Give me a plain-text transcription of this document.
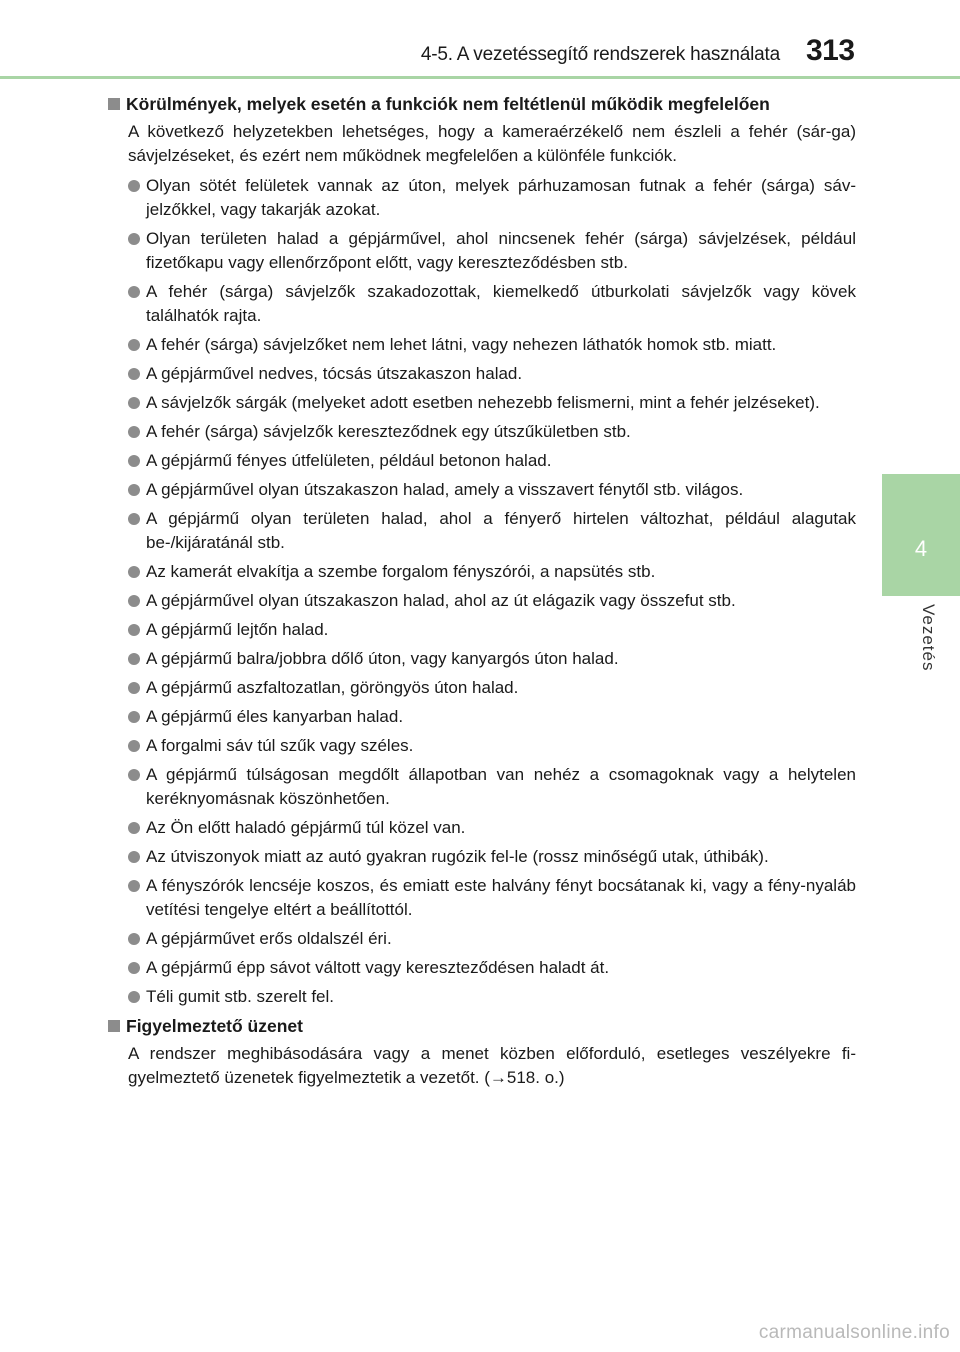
4-5. A vezetéssegítő rendszerek használata 313
4
Vezetés
Körülmények, melyek esetén a funkciók nem feltétlenül működik megfelelően

A következő helyzetekben lehetséges, hogy a kameraérzékelő nem észleli a fehér (sár-ga) sávjelzéseket, és ezért nem működnek megfelelően a különféle funkciók.

Olyan sötét felületek vannak az úton, melyek párhuzamosan futnak a fehér (sárga) sáv-jelzőkkel, vagy takarják azokat.
Olyan területen halad a gépjárművel, ahol nincsenek fehér (sárga) sávjelzések, például fizetőkapu vagy ellenőrzőpont előtt, vagy kereszteződésben stb.
A fehér (sárga) sávjelzők szakadozottak, kiemelkedő útburkolati sávjelzők vagy kövek találhatók rajta.
A fehér (sárga) sávjelzőket nem lehet látni, vagy nehezen láthatók homok stb. miatt.
A gépjárművel nedves, tócsás útszakaszon halad.
A sávjelzők sárgák (melyeket adott esetben nehezebb felismerni, mint a fehér jelzéseket).
A fehér (sárga) sávjelzők kereszteződnek egy útszűkületben stb.
A gépjármű fényes útfelületen, például betonon halad.
A gépjárművel olyan útszakaszon halad, amely a visszavert fénytől stb. világos.
A gépjármű olyan területen halad, ahol a fényerő hirtelen változhat, például alagutak be-/kijáratánál stb.
Az kamerát elvakítja a szembe forgalom fényszórói, a napsütés stb.
A gépjárművel olyan útszakaszon halad, ahol az út elágazik vagy összefut stb.
A gépjármű lejtőn halad.
A gépjármű balra/jobbra dőlő úton, vagy kanyargós úton halad.
A gépjármű aszfaltozatlan, göröngyös úton halad.
A gépjármű éles kanyarban halad.
A forgalmi sáv túl szűk vagy széles.
A gépjármű túlságosan megdőlt állapotban van nehéz a csomagoknak vagy a helytelen keréknyomásnak köszönhetően.
Az Ön előtt haladó gépjármű túl közel van.
Az útviszonyok miatt az autó gyakran rugózik fel-le (rossz minőségű utak, úthibák).
A fényszórók lencséje koszos, és emiatt este halvány fényt bocsátanak ki, vagy a fény-nyaláb vetítési tengelye eltért a beállítottól.
A gépjárművet erős oldalszél éri.
A gépjármű épp sávot váltott vagy kereszteződésen haladt át.
Téli gumit stb. szerelt fel.
Figyelmeztető üzenet

A rendszer meghibásodására vagy a menet közben előforduló, esetleges veszélyekre fi-gyelmeztető üzenetek figyelmeztetik a vezetőt. (→518. o.)

carmanualsonline.info
